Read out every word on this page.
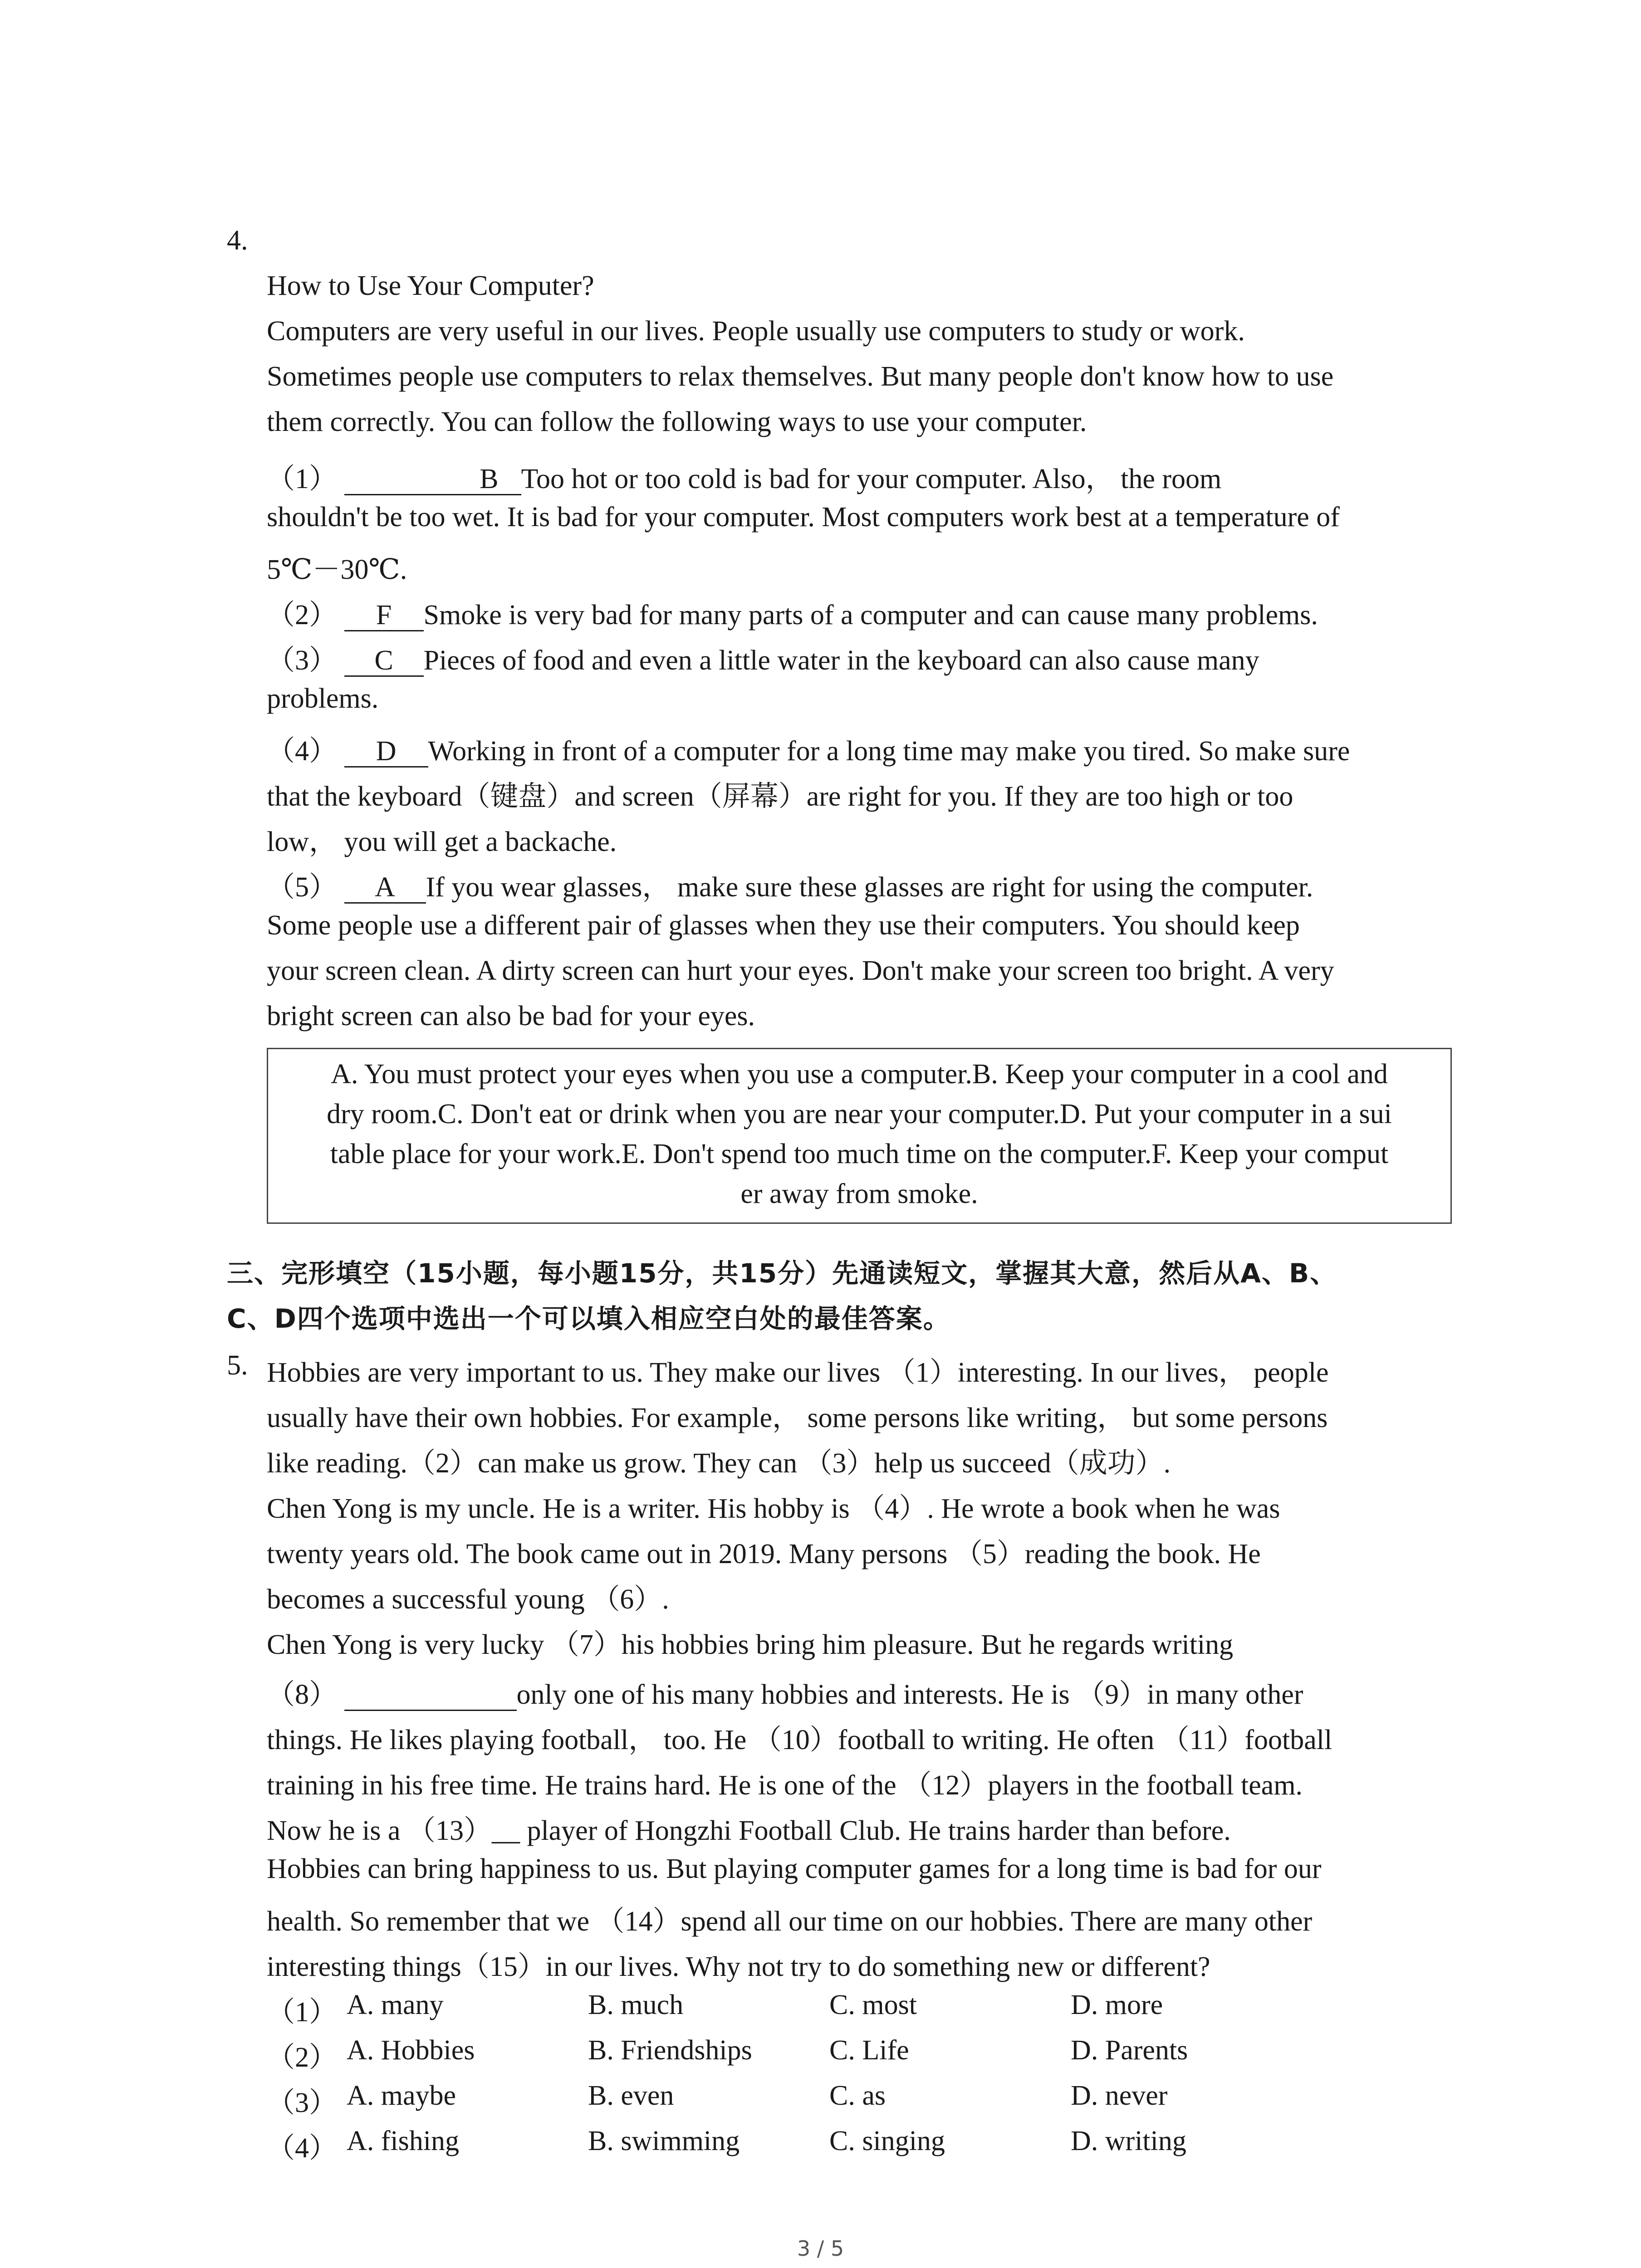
4.
How to Use Your Computer?
Computers are very useful in our lives. People usually use computers to study or work.
Sometimes people use computers to relax themselves. But many people don't know how to use
them correctly. You can follow the following ways to use your computer.
（1）	B Too hot or too cold is bad for your computer. Also， the room
shouldn't be too wet. It is bad for your computer. Most computers work best at a temperature of
5℃－30℃.
（2） F Smoke is very bad for many parts of a computer and can cause many problems.
（3） C Pieces of food and even a little water in the keyboard can also cause many
problems.
（4） D Working in front of a computer for a long time may make you tired. So make sure
that the keyboard（键盘）and screen（屏幕）are right for you. If they are too high or too
low， you will get a backache.
（5） A If you wear glasses， make sure these glasses are right for using the computer.
Some people use a different pair of glasses when they use their computers. You should keep
your screen clean. A dirty screen can hurt your eyes. Don't make your screen too bright. A very
bright screen can also be bad for your eyes.
A. You must protect your eyes when you use a computer.B. Keep your computer in a cool and
dry room.C. Don't eat or drink when you are near your computer.D. Put your computer in a sui
table place for your work.E. Don't spend too much time on the computer.F. Keep your comput
er away from smoke.
三、完形填空（15小题，每小题15分，共15分）先通读短文，掌握其大意，然后从A、B、
C、D四个选项中选出一个可以填入相应空白处的最佳答案。
5. Hobbies are very important to us. They make our lives （1）interesting. In our lives， people
usually have their own hobbies. For example， some persons like writing， but some persons
like reading.（2）can make us grow. They can （3）help us succeed（成功）.
Chen Yong is my uncle. He is a writer. His hobby is （4）. He wrote a book when he was
twenty years old. The book came out in 2019. Many persons （5）reading the book. He
becomes a successful young （6）.
Chen Yong is very lucky （7）his hobbies bring him pleasure. But he regards writing
（8）	only one of his many hobbies and interests. He is （9）in many other
things. He likes playing football， too. He （10）football to writing. He often （11）football
training in his free time. He trains hard. He is one of the （12）players in the football team.
Now he is a （13）__ player of Hongzhi Football Club. He trains harder than before.
Hobbies can bring happiness to us. But playing computer games for a long time is bad for our
health. So remember that we （14）spend all our time on our hobbies. There are many other
interesting things（15）in our lives. Why not try to do something new or different?
（1） A. many	B. much	C. most	D. more
（2） A. Hobbies	B. Friendships	C. Life	D. Parents
（3） A. maybe	B. even	C. as	D. never
（4） A. fishing	B. swimming	C. singing	D. writing
3 / 5
